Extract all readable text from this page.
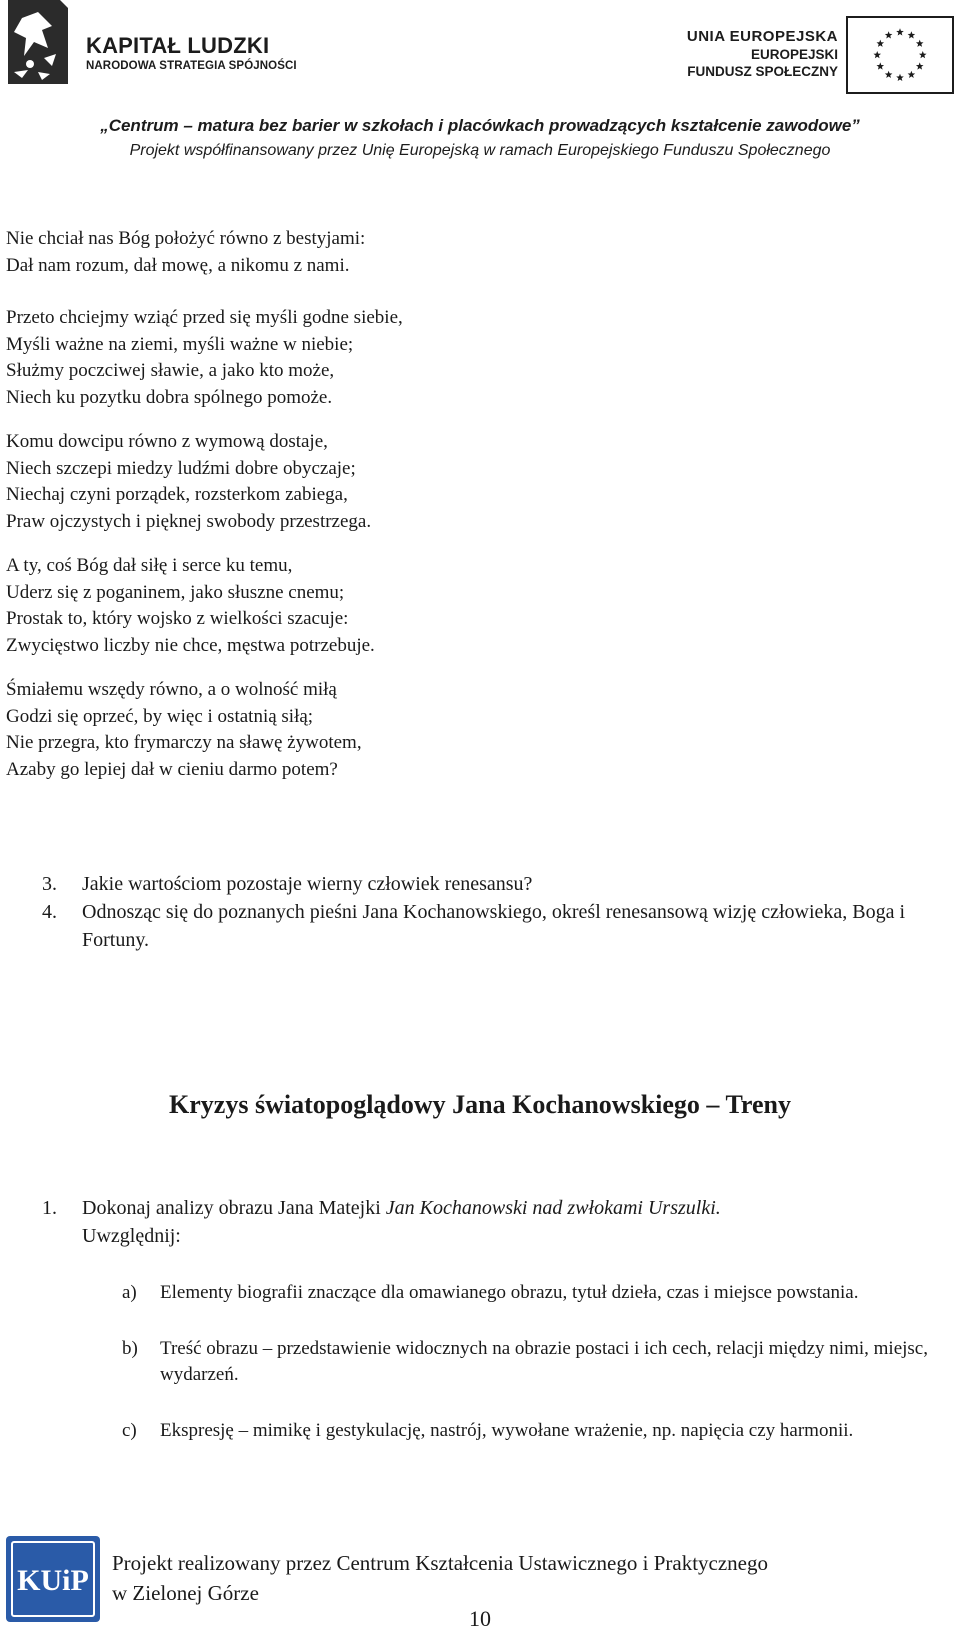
KAPITAŁ LUDZKI
NARODOWA STRATEGIA SPÓJNOŚCI
UNIA EUROPEJSKA
EUROPEJSKI
FUNDUSZ SPOŁECZNY
„Centrum – matura bez barier w szkołach i placówkach prowadzących kształcenie zawodowe”
Projekt współfinansowany przez Unię Europejską w ramach Europejskiego Funduszu Społecznego
Nie chciał nas Bóg położyć równo z bestyjami:
Dał nam rozum, dał mowę, a nikomu z nami.
Przeto chciejmy wziąć przed się myśli godne siebie,
Myśli ważne na ziemi, myśli ważne w niebie;
Służmy poczciwej sławie, a jako kto może,
Niech ku pozytku dobra spólnego pomoże.
Komu dowcipu równo z wymową dostaje,
Niech szczepi miedzy ludźmi dobre obyczaje;
Niechaj czyni porządek, rozsterkom zabiega,
Praw ojczystych i pięknej swobody przestrzega.
A ty, coś Bóg dał siłę i serce ku temu,
Uderz się z poganinem, jako słuszne cnemu;
Prostak to, który wojsko z wielkości szacuje:
Zwycięstwo liczby nie chce, męstwa potrzebuje.
Śmiałemu wszędy równo, a o wolność miłą
Godzi się oprzeć, by więc i ostatnią siłą;
Nie przegra, kto frymarczy na sławę żywotem,
Azaby go lepiej dał w cieniu darmo potem?
3. Jakie wartościom pozostaje wierny człowiek renesansu?
4. Odnosząc się do poznanych pieśni Jana Kochanowskiego, określ renesansową wizję człowieka, Boga i Fortuny.
Kryzys światopoglądowy Jana Kochanowskiego – Treny
1. Dokonaj analizy obrazu Jana Matejki Jan Kochanowski nad zwłokami Urszulki.
Uwzględnij:
a) Elementy biografii znaczące dla omawianego obrazu, tytuł dzieła, czas i miejsce powstania.
b) Treść obrazu – przedstawienie widocznych na obrazie postaci i ich cech, relacji między nimi, miejsc, wydarzeń.
c) Ekspresję – mimikę i gestykulację, nastrój, wywołane wrażenie, np. napięcia czy harmonii.
KUiP
Projekt realizowany przez Centrum Kształcenia Ustawicznego i Praktycznego
w Zielonej Górze
10
